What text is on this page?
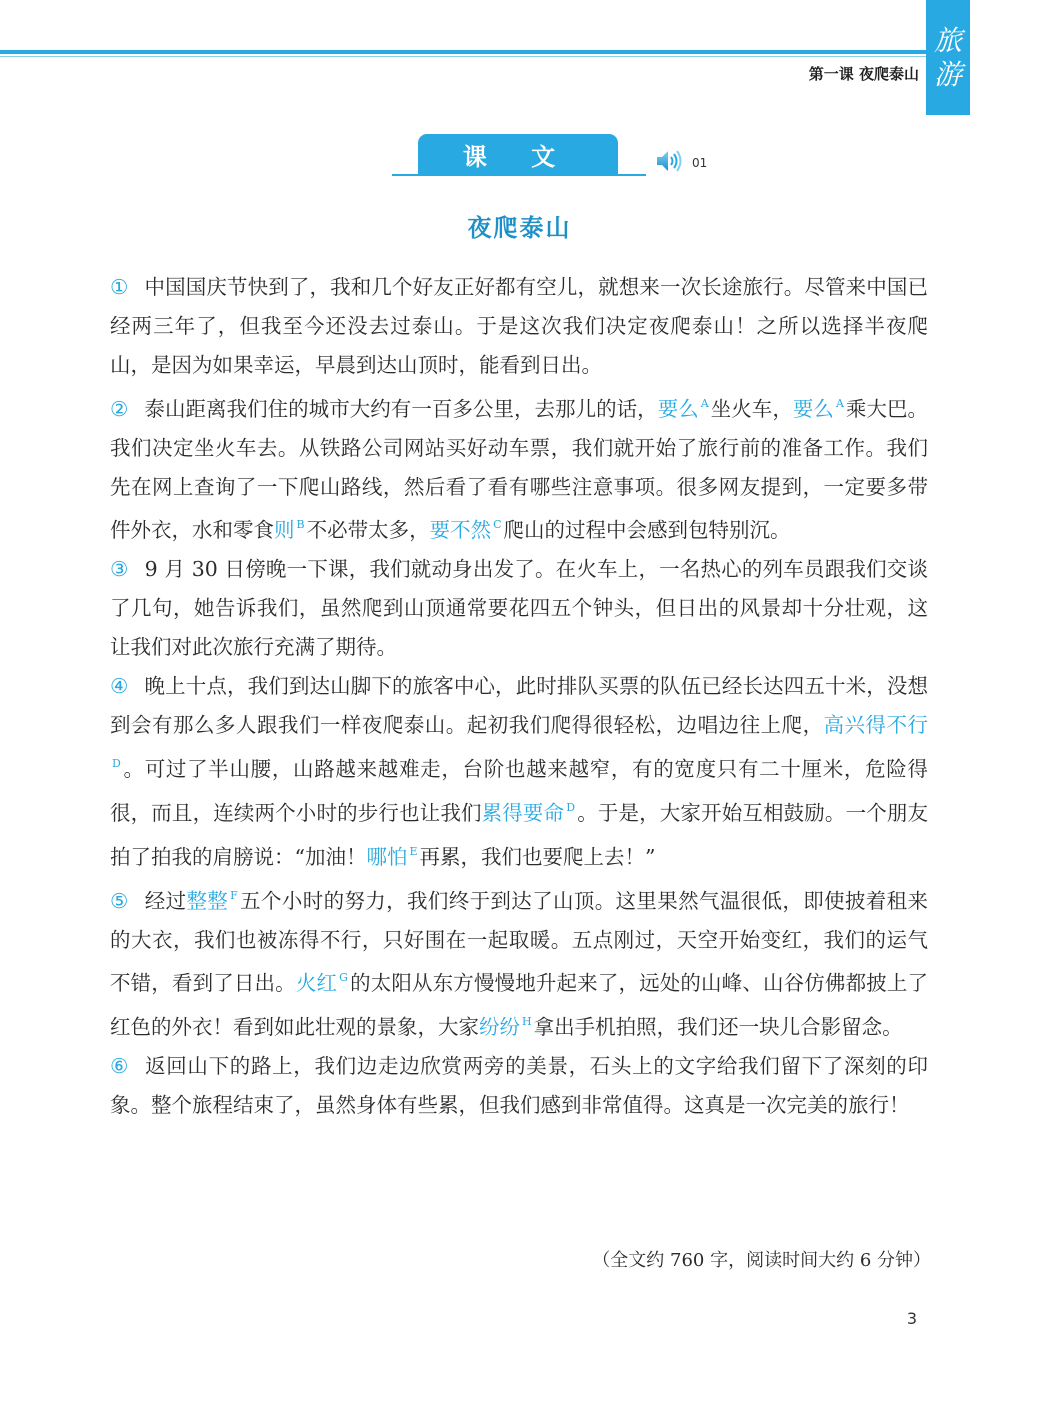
旅
游
第一课 夜爬泰山
课 文	01
夜爬泰山

① 中国国庆节快到了，我和几个好友正好都有空儿，就想来一次长途旅行。尽管来中国已经两三年了，但我至今还没去过泰山。于是这次我们决定夜爬泰山！之所以选择半夜爬山，是因为如果幸运，早晨到达山顶时，能看到日出。

② 泰山距离我们住的城市大约有一百多公里，去那儿的话，要么 $^A$坐火车，要么 $^A$乘大巴。我们决定坐火车去。从铁路公司网站买好动车票，我们就开始了旅行前的准备工作。我们先在网上查询了一下爬山路线，然后看了看有哪些注意事项。很多网友提到，一定要多带件外衣，水和零食则 $^B$不必带太多，要不然 $^C$爬山的过程中会感到包特别沉。

③ 9 月 30 日傍晚一下课，我们就动身出发了。在火车上，一名热心的列车员跟我们交谈了几句，她告诉我们，虽然爬到山顶通常要花四五个钟头，但日出的风景却十分壮观，这让我们对此次旅行充满了期待。

④ 晚上十点，我们到达山脚下的旅客中心，此时排队买票的队伍已经长达四五十米，没想到会有那么多人跟我们一样夜爬泰山。起初我们爬得很轻松，边唱边往上爬，高兴得不行$^D$。可过了半山腰，山路越来越难走，台阶也越来越窄，有的宽度只有二十厘米，危险得很，而且，连续两个小时的步行也让我们累得要命 $^D$。于是，大家开始互相鼓励。一个朋友拍了拍我的肩膀说：“加油！哪怕 $^E$再累，我们也要爬上去！”

⑤ 经过整整 $^F$五个小时的努力，我们终于到达了山顶。这里果然气温很低，即使披着租来的大衣，我们也被冻得不行，只好围在一起取暖。五点刚过，天空开始变红，我们的运气不错，看到了日出。火红 $^G$的太阳从东方慢慢地升起来了，远处的山峰、山谷仿佛都披上了红色的外衣！看到如此壮观的景象，大家纷纷 $^H$拿出手机拍照，我们还一块儿合影留念。

⑥ 返回山下的路上，我们边走边欣赏两旁的美景，石头上的文字给我们留下了深刻的印象。整个旅程结束了，虽然身体有些累，但我们感到非常值得。这真是一次完美的旅行！

（全文约 760 字，阅读时间大约 6 分钟）
3
